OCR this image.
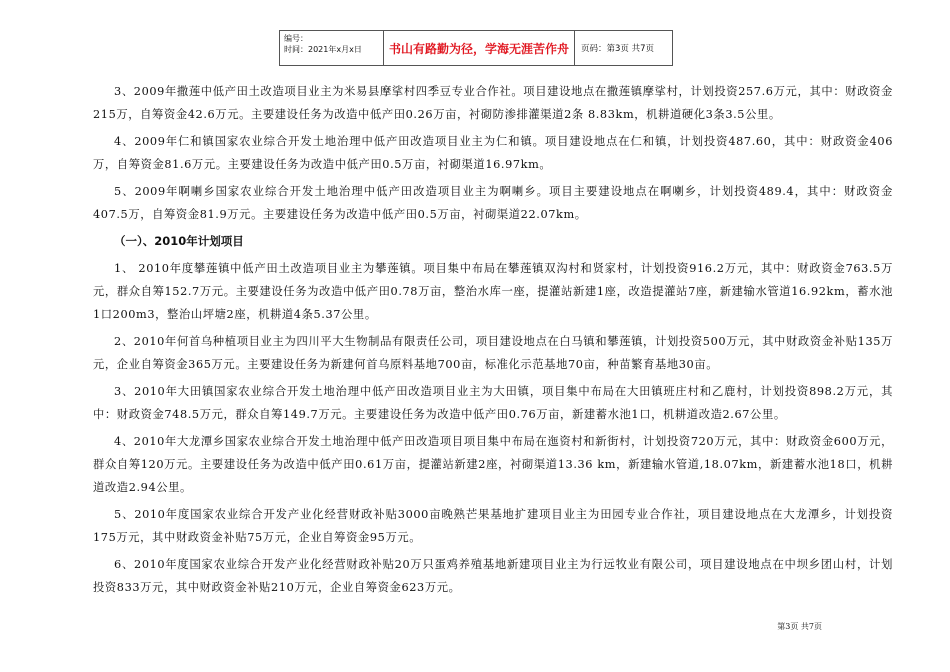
编号：
时间：2021年x月x日	书山有路勤为径，学海无涯苦作舟	页码：第3页 共7页

3、2009年撒莲中低产田土改造项目业主为米易县摩挲村四季豆专业合作社。项目建设地点在撒莲镇摩挲村，计划投资257.6万元，其中：财政资金215万，自筹资金42.6万元。主要建设任务为改造中低产田0.26万亩，衬砌防渗排灌渠道2条 8.83km，机耕道硬化3条3.5公里。

4、2009年仁和镇国家农业综合开发土地治理中低产田改造项目业主为仁和镇。项目建设地点在仁和镇，计划投资487.60，其中：财政资金406万，自筹资金81.6万元。主要建设任务为改造中低产田0.5万亩，衬砌渠道16.97km。

5、2009年啊喇乡国家农业综合开发土地治理中低产田改造项目业主为啊喇乡。项目主要建设地点在啊喇乡，计划投资489.4，其中：财政资金407.5万，自筹资金81.9万元。主要建设任务为改造中低产田0.5万亩，衬砌渠道22.07km。

（一）、2010年计划项目

1、 2010年度攀莲镇中低产田土改造项目业主为攀莲镇。项目集中布局在攀莲镇双沟村和贤家村，计划投资916.2万元，其中：财政资金763.5万元，群众自筹152.7万元。主要建设任务为改造中低产田0.78万亩，整治水库一座，提灌站新建1座，改造提灌站7座，新建输水管道16.92km，蓄水池1口200m3，整治山坪塘2座，机耕道4条5.37公里。

2、2010年何首乌种植项目业主为四川平大生物制品有限责任公司，项目建设地点在白马镇和攀莲镇，计划投资500万元，其中财政资金补贴135万元，企业自筹资金365万元。主要建设任务为新建何首乌原料基地700亩，标准化示范基地70亩，种苗繁育基地30亩。

3、2010年大田镇国家农业综合开发土地治理中低产田改造项目业主为大田镇，项目集中布局在大田镇班庄村和乙鹿村，计划投资898.2万元，其中：财政资金748.5万元，群众自筹149.7万元。主要建设任务为改造中低产田0.76万亩，新建蓄水池1口，机耕道改造2.67公里。

4、2010年大龙潭乡国家农业综合开发土地治理中低产田改造项目项目集中布局在迤资村和新街村，计划投资720万元，其中：财政资金600万元，群众自筹120万元。主要建设任务为改造中低产田0.61万亩，提灌站新建2座，衬砌渠道13.36 km，新建输水管道,18.07km，新建蓄水池18口，机耕道改造2.94公里。

5、2010年度国家农业综合开发产业化经营财政补贴3000亩晚熟芒果基地扩建项目业主为田园专业合作社，项目建设地点在大龙潭乡，计划投资175万元，其中财政资金补贴75万元，企业自筹资金95万元。

6、2010年度国家农业综合开发产业化经营财政补贴20万只蛋鸡养殖基地新建项目业主为行远牧业有限公司，项目建设地点在中坝乡团山村，计划投资833万元，其中财政资金补贴210万元，企业自筹资金623万元。

第3页 共7页
